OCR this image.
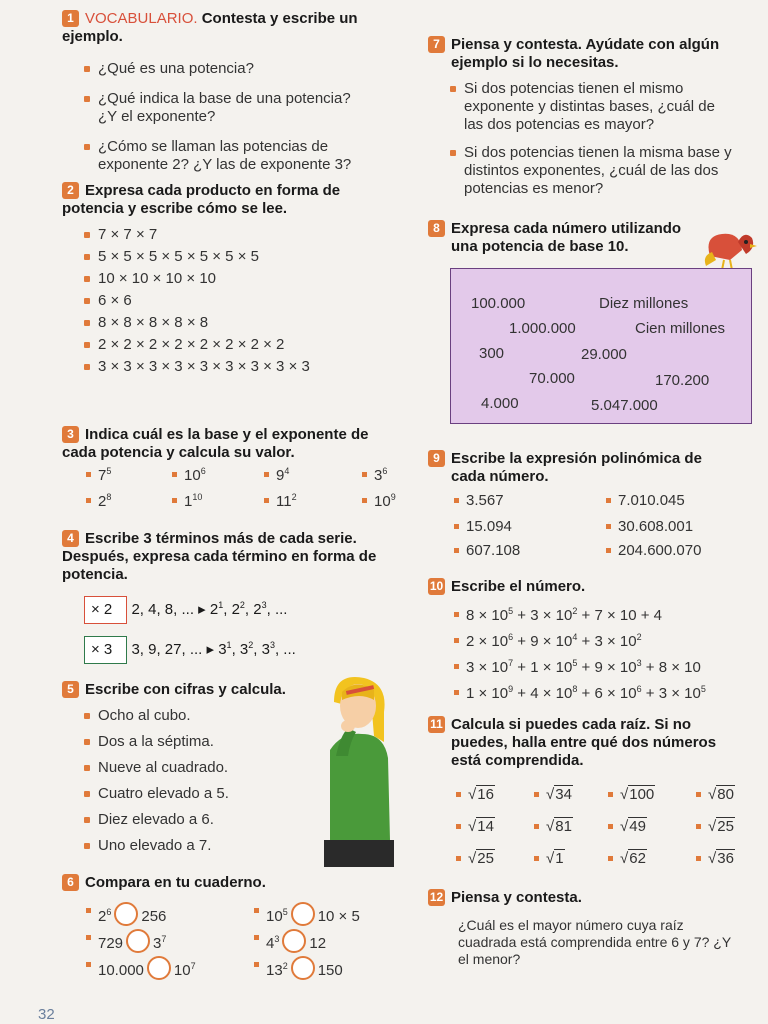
1 VOCABULARIO. Contesta y escribe un ejemplo.
¿Qué es una potencia?
¿Qué indica la base de una potencia? ¿Y el exponente?
¿Cómo se llaman las potencias de exponente 2? ¿Y las de exponente 3?
2 Expresa cada producto en forma de potencia y escribe cómo se lee.
7 × 7 × 7
5 × 5 × 5 × 5 × 5 × 5 × 5
10 × 10 × 10 × 10
6 × 6
8 × 8 × 8 × 8 × 8
2 × 2 × 2 × 2 × 2 × 2 × 2 × 2
3 × 3 × 3 × 3 × 3 × 3 × 3 × 3 × 3
3 Indica cuál es la base y el exponente de cada potencia y calcula su valor.
$7^5$	$10^6$	$9^4$	$3^6$
$2^8$	$1^{10}$	$11^2$	$10^9$
4 Escribe 3 términos más de cada serie. Después, expresa cada término en forma de potencia.
× 2 2, 4, 8, ... ▸ $2^1$, $2^2$, $2^3$, ...
× 3 3, 9, 27, ... ▸ $3^1$, $3^2$, $3^3$, ...
5 Escribe con cifras y calcula.
Ocho al cubo.
Dos a la séptima.
Nueve al cuadrado.
Cuatro elevado a 5.
Diez elevado a 6.
Uno elevado a 7.
6 Compara en tu cuaderno.
$2^6$ 256	$10^5$ 10 × 5
729 $3^7$	$4^3$ 12
10.000 $10^7$	$13^2$ 150
7 Piensa y contesta. Ayúdate con algún ejemplo si lo necesitas.
Si dos potencias tienen el mismo exponente y distintas bases, ¿cuál de las dos potencias es mayor?
Si dos potencias tienen la misma base y distintos exponentes, ¿cuál de las dos potencias es menor?
8 Expresa cada número utilizando una potencia de base 10.
100.000	Diez millones
1.000.000	Cien millones
300	29.000
70.000	170.200
4.000	5.047.000
9 Escribe la expresión polinómica de cada número.
3.567	7.010.045
15.094	30.608.001
607.108	204.600.070
10 Escribe el número.
$8 \times 10^5 + 3 \times 10^2 + 7 \times 10 + 4$
$2 \times 10^6 + 9 \times 10^4 + 3 \times 10^2$
$3 \times 10^7 + 1 \times 10^5 + 9 \times 10^3 + 8 \times 10$
$1 \times 10^9 + 4 \times 10^8 + 6 \times 10^6 + 3 \times 10^5$
11 Calcula si puedes cada raíz. Si no puedes, halla entre qué dos números está comprendida.
√16	√34	√100	√80
√14	√81	√49	√25
√25	√1	√62	√36
12 Piensa y contesta.
¿Cuál es el mayor número cuya raíz cuadrada está comprendida entre 6 y 7? ¿Y el menor?
32
